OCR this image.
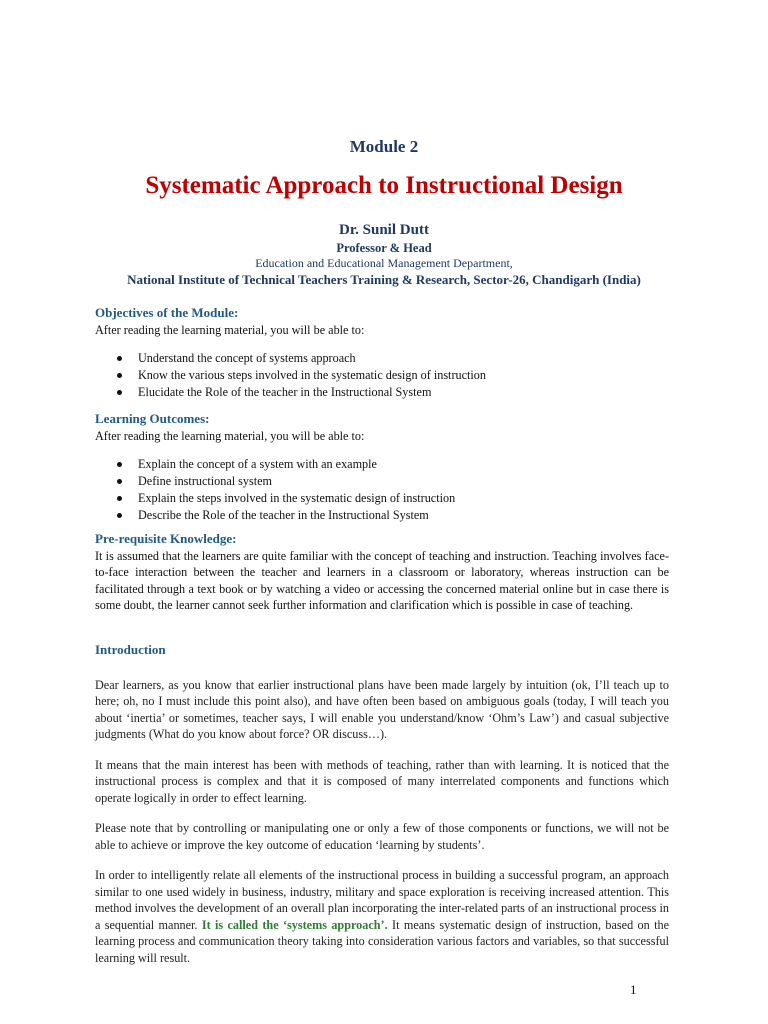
Module 2
Systematic Approach to Instructional Design
Dr. Sunil Dutt
Professor & Head
Education and Educational Management Department,
National Institute of Technical Teachers Training & Research, Sector-26, Chandigarh (India)
Objectives of the Module:
After reading the learning material, you will be able to:
Understand the concept of systems approach
Know the various steps involved in the systematic design of instruction
Elucidate the Role of the teacher in the Instructional System
Learning Outcomes:
After reading the learning material, you will be able to:
Explain the concept of a system with an example
Define instructional system
Explain the steps involved in the systematic design of instruction
Describe the Role of the teacher in the Instructional System
Pre-requisite Knowledge:
It is assumed that the learners are quite familiar with the concept of teaching and instruction. Teaching involves face-to-face interaction between the teacher and learners in a classroom or laboratory, whereas instruction can be facilitated through a text book or by watching a video or accessing the concerned material online but in case there is some doubt, the learner cannot seek further information and clarification which is possible in case of teaching.
Introduction
Dear learners, as you know that earlier instructional plans have been made largely by intuition (ok, I’ll teach up to here; oh, no I must include this point also), and have often been based on ambiguous goals (today, I will teach you about ‘inertia’ or sometimes, teacher says, I will enable you understand/know ‘Ohm’s Law’) and casual subjective judgments (What do you know about force? OR discuss…).
It means that the main interest has been with methods of teaching, rather than with learning. It is noticed that the instructional process is complex and that it is composed of many interrelated components and functions which operate logically in order to effect learning.
Please note that by controlling or manipulating one or only a few of those components or functions, we will not be able to achieve or improve the key outcome of education ‘learning by students’.
In order to intelligently relate all elements of the instructional process in building a successful program, an approach similar to one used widely in business, industry, military and space exploration is receiving increased attention. This method involves the development of an overall plan incorporating the inter-related parts of an instructional process in a sequential manner. It is called the ‘systems approach’. It means systematic design of instruction, based on the learning process and communication theory taking into consideration various factors and variables, so that successful learning will result.
1
